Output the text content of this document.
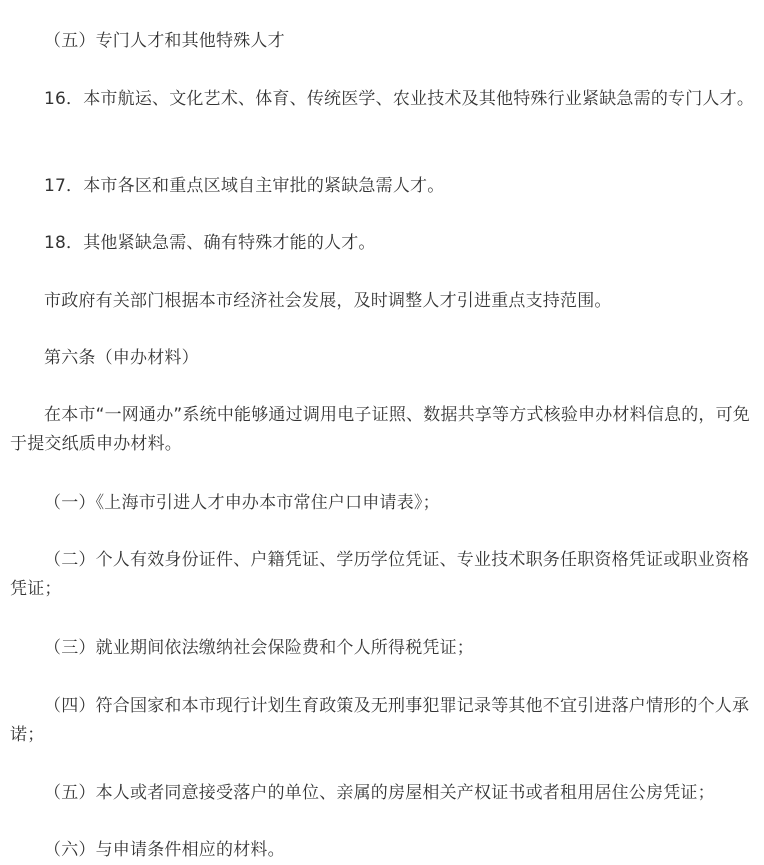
（五）专门人才和其他特殊人才

16．本市航运、文化艺术、体育、传统医学、农业技术及其他特殊行业紧缺急需的专门人才。

17．本市各区和重点区域自主审批的紧缺急需人才。

18．其他紧缺急需、确有特殊才能的人才。

市政府有关部门根据本市经济社会发展，及时调整人才引进重点支持范围。

第六条（申办材料）

在本市“一网通办”系统中能够通过调用电子证照、数据共享等方式核验申办材料信息的，可免于提交纸质申办材料。

（一）《上海市引进人才申办本市常住户口申请表》；

（二）个人有效身份证件、户籍凭证、学历学位凭证、专业技术职务任职资格凭证或职业资格凭证；

（三）就业期间依法缴纳社会保险费和个人所得税凭证；

（四）符合国家和本市现行计划生育政策及无刑事犯罪记录等其他不宜引进落户情形的个人承诺；

（五）本人或者同意接受落户的单位、亲属的房屋相关产权证书或者租用居住公房凭证；

（六）与申请条件相应的材料。
